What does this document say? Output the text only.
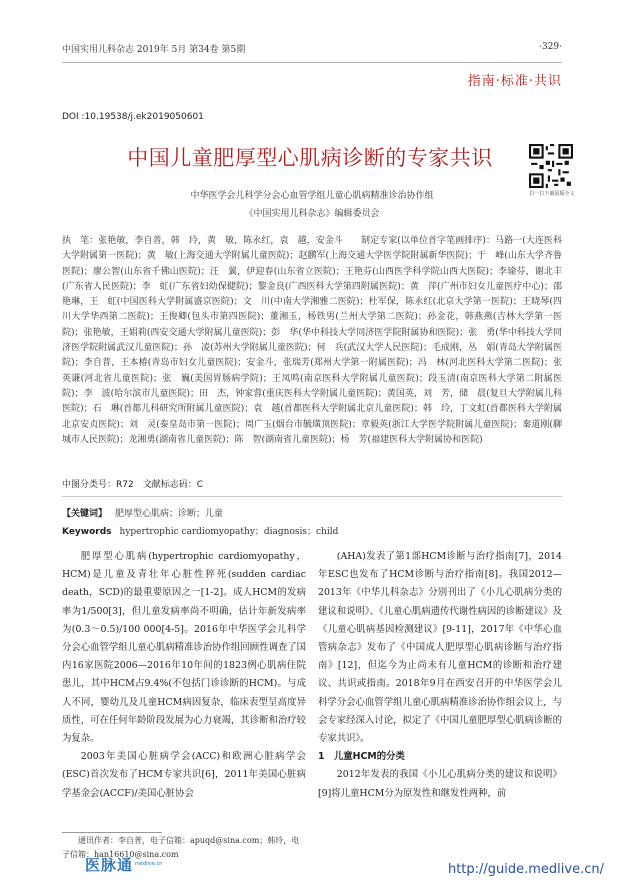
中国实用儿科杂志 2019年 5月 第34卷 第5期	·329·
指南·标准·共识
DOI :10.19538/j.ek2019050601
中国儿童肥厚型心肌病诊断的专家共识
扫一扫下载原版全文
中华医学会儿科学分会心血管学组儿童心肌病精准诊治协作组
《中国实用儿科杂志》编辑委员会
执　笔：张艳敏，李自普，韩　玲，黄　敏，陈永红，袁　越，安金斗　　制定专家(以单位首字笔画排序)：马路一(大连医科大学附属第一医院)；黄　敏(上海交通大学附属儿童医院)；赵鹏军(上海交通大学医学院附属新华医院)；于　峰(山东大学齐鲁医院)；廖公智(山东省千佛山医院)；汪　翼，伊迎春(山东省立医院)；王艳芬(山西医学科学院山西大医院)；李瑜芬，谢北丰(广东省人民医院)；李　虹(广东省妇幼保健院)；黎金良(广西医科大学第四附属医院)；黄　萍(广州市妇女儿童医疗中心)；邵艳琳，王　虹(中国医科大学附属盛京医院)；文　川(中南大学湘雅二医院)；杜军保，陈永红(北京大学第一医院)；王晓琴(四川大学华西第二医院)；王俊卿(包头市第四医院)；董湘玉，杨铁男(兰州大学第二医院)；孙金花，韩燕燕(吉林大学第一医院)；张艳敏，王娟莉(西安交通大学附属儿童医院)；彭　华(华中科技大学同济医学院附属协和医院)；张　勇(华中科技大学同济医学院附属武汉儿童医院)；孙　凌(苏州大学附属儿童医院)；何　兵(武汉大学人民医院)；毛成刚，丛　娟(青岛大学附属医院)；李自普，王本椿(青岛市妇女儿童医院)；安金斗，张瑞芳(郑州大学第一附属医院)；冯　林(河北医科大学第二医院)；张英谦(河北省儿童医院)；张　巍(美国胃肠病学院)；王凤鸣(南京医科大学附属儿童医院)；段玉清(南京医科大学第二附属医院)；李　波(哈尔滨市儿童医院)；田　杰，钟家蓉(重庆医科大学附属儿童医院)；黄国英，刘　芳，储　晨(复旦大学附属儿科医院)；石　琳(首都儿科研究所附属儿童医院)；袁　越(首都医科大学附属北京儿童医院)；韩　玲，丁文虹(首都医科大学附属北京安贞医院)；刘　灵(泰皇岛市第一医院)；周广玉(烟台市毓璜顶医院)；章毅英(浙江大学医学院附属儿童医院)；秦道刚(聊城市人民医院)；龙湘勇(湖南省儿童医院)；陈　智(湖南省儿童医院)；杨　芳(福建医科大学附属协和医院)
中图分类号：R72　文献标志码：C
【关键词】 肥厚型心肌病；诊断；儿童
Keywords hypertrophic cardiomyopathy；diagnosis；child

肥厚型心肌病(hypertrophic cardiomyopathy，HCM)是儿童及青壮年心脏性猝死(sudden cardiac death，SCD)的最重要原因之一[1-2]。成人HCM的发病率为1/500[3]，但儿童发病率尚不明确，估计年新发病率为(0.3～0.5)/100 000[4-5]。2016年中华医学会儿科学分会心血管学组儿童心肌病精准诊治协作组回顾性调查了国内16家医院2006—2016年10年间的1823例心肌病住院患儿，其中HCM占9.4%(不包括门诊诊断的HCM)。与成人不同，婴幼儿及儿童HCM病因复杂，临床表型呈高度异质性，可在任何年龄阶段发展为心力衰竭，其诊断和治疗较为复杂。

2003年美国心脏病学会(ACC)和欧洲心脏病学会(ESC)首次发布了HCM专家共识[6]，2011年美国心脏病学基金会(ACCF)/美国心脏协会

(AHA)发表了第1部HCM诊断与治疗指南[7]，2014年ESC也发布了HCM诊断与治疗指南[8]。我国2012—2013年《中华儿科杂志》分别刊出了《小儿心肌病分类的建议和说明》、《儿童心肌病遗传代谢性病因的诊断建议》及《儿童心肌病基因检测建议》[9-11]，2017年《中华心血管病杂志》发布了《中国成人肥厚型心肌病诊断与治疗指南》[12]，但迄今为止尚未有儿童HCM的诊断和治疗建议、共识或指南。2018年9月在西安召开的中华医学会儿科学分会心血管学组儿童心肌病精准诊治协作组会议上，与会专家经深入讨论，拟定了《中国儿童肥厚型心肌病诊断的专家共识》。

1　儿童HCM的分类

2012年发表的我国《小儿心肌病分类的建议和说明》[9]将儿童HCM分为原发性和继发性两种，前

通讯作者：李自普，电子信箱：apuqd@sina.com；韩玲，电子信箱：han16610@sina.com
医脉通 medlive.cn	http://guide.medlive.cn/
